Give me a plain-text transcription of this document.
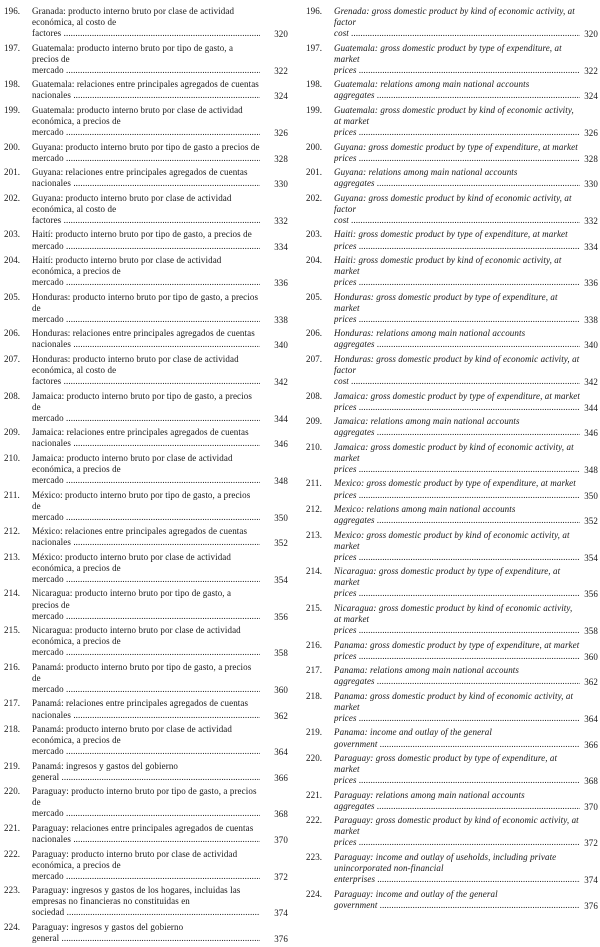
196. Granada: producto interno bruto por clase de actividad económica, al costo de factores .....	320
197. Guatemala: producto interno bruto por tipo de gasto, a precios de mercado .....	322
198. Guatemala: relaciones entre principales agregados de cuentas nacionales .....	324
199. Guatemala: producto interno bruto por clase de actividad económica, a precios de mercado .....	326
200. Guyana: producto interno bruto por tipo de gasto a precios de mercado .....	328
201. Guyana: relaciones entre principales agregados de cuentas nacionales .....	330
202. Guyana: producto interno bruto por clase de actividad económica, al costo de factores .....	332
203. Haití: producto interno bruto por tipo de gasto, a precios de mercado .....	334
204. Haití: producto interno bruto por clase de actividad económica, a precios de mercado .....	336
205. Honduras: producto interno bruto por tipo de gasto, a precios de mercado .....	338
206. Honduras: relaciones entre principales agregados de cuentas nacionales .....	340
207. Honduras: producto interno bruto por clase de actividad económica, al costo de factores .....	342
208. Jamaica: producto interno bruto por tipo de gasto, a precios de mercado .....	344
209. Jamaica: relaciones entre principales agregados de cuentas nacionales .....	346
210. Jamaica: producto interno bruto por clase de actividad económica, a precios de mercado .....	348
211. México: producto interno bruto por tipo de gasto, a precios de mercado .....	350
212. México: relaciones entre principales agregados de cuentas nacionales .....	352
213. México: producto interno bruto por clase de actividad económica, a precios de mercado .....	354
214. Nicaragua: producto interno bruto por tipo de gasto, a precios de mercado .....	356
215. Nicaragua: producto interno bruto por clase de actividad económica, a precios de mercado .....	358
216. Panamá: producto interno bruto por tipo de gasto, a precios de mercado .....	360
217. Panamá: relaciones entre principales agregados de cuentas nacionales .....	362
218. Panamá: producto interno bruto por clase de actividad económica, a precios de mercado .....	364
219. Panamá: ingresos y gastos del gobierno general .....	366
220. Paraguay: producto interno bruto por tipo de gasto, a precios de mercado .....	368
221. Paraguay: relaciones entre principales agregados de cuentas nacionales .....	370
222. Paraguay: producto interno bruto por clase de actividad económica, a precios de mercado .....	372
223. Paraguay: ingresos y gastos de los hogares, incluidas las empresas no financieras no constituidas en sociedad .....	374
224. Paraguay: ingresos y gastos del gobierno general .....	376
196. Grenada: gross domestic product by kind of economic activity, at factor cost .....	320
197. Guatemala: gross domestic product by type of expenditure, at market prices .....	322
198. Guatemala: relations among main national accounts aggregates .....	324
199. Guatemala: gross domestic product by kind of economic activity, at market prices .....	326
200. Guyana: gross domestic product by type of expenditure, at market prices .....	328
201. Guyana: relations among main national accounts aggregates .....	330
202. Guyana: gross domestic product by kind of economic activity, at factor cost .....	332
203. Haiti: gross domestic product by type of expenditure, at market prices .....	334
204. Haiti: gross domestic product by kind of economic activity, at market prices .....	336
205. Honduras: gross domestic product by type of expenditure, at market prices .....	338
206. Honduras: relations among main national accounts aggregates .....	340
207. Honduras: gross domestic product by kind of economic activity, at factor cost .....	342
208. Jamaica: gross domestic product by type of expenditure, at market prices .....	344
209. Jamaica: relations among main national accounts aggregates .....	346
210. Jamaica: gross domestic product by kind of economic activity, at market prices .....	348
211. Mexico: gross domestic product by type of expenditure, at market prices .....	350
212. Mexico: relations among main national accounts aggregates .....	352
213. Mexico: gross domestic product by kind of economic activity, at market prices .....	354
214. Nicaragua: gross domestic product by type of expenditure, at market prices .....	356
215. Nicaragua: gross domestic product by kind of economic activity, at market prices .....	358
216. Panama: gross domestic product by type of expenditure, at market prices .....	360
217. Panama: relations among main national accounts aggregates .....	362
218. Panama: gross domestic product by kind of economic activity, at market prices .....	364
219. Panama: income and outlay of the general government .....	366
220. Paraguay: gross domestic product by type of expenditure, at market prices .....	368
221. Paraguay: relations among main national accounts aggregates .....	370
222. Paraguay: gross domestic product by kind of economic activity, at market prices .....	372
223. Paraguay: income and outlay of useholds, including private unincorporated non-financial enterprises .....	374
224. Paraguay: income and outlay of the general government .....	376
